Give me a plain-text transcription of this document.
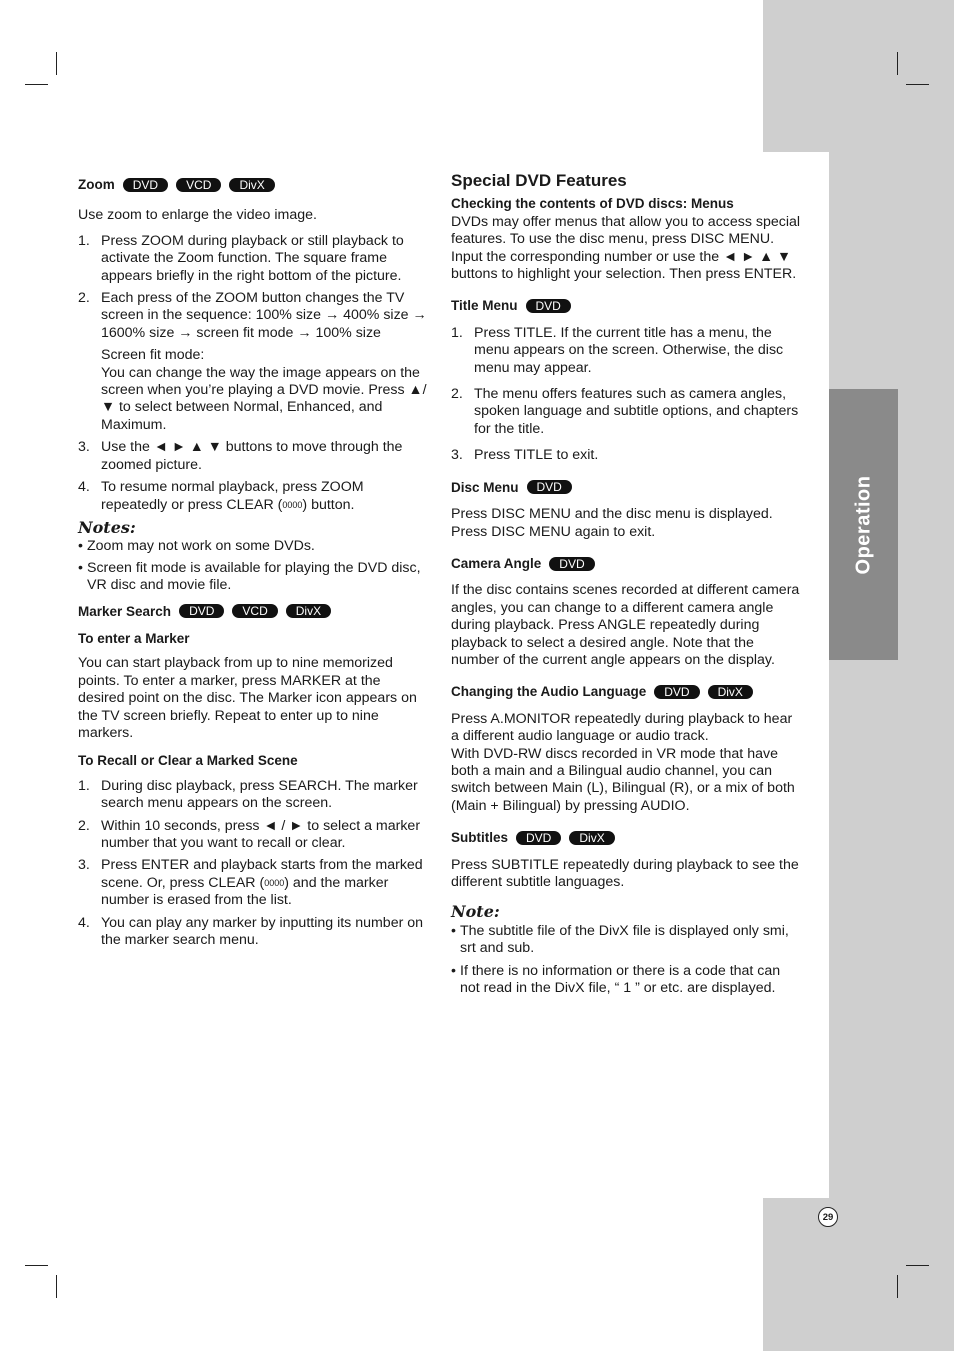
Operation
Zoom	DVD	VCD	DivX

Use zoom to enlarge the video image.

1. Press ZOOM during playback or still playback to activate the Zoom function. The square frame appears briefly in the right bottom of the picture.
2. Each press of the ZOOM button changes the TV screen in the sequence: 100% size → 400% size → 1600% size → screen fit mode → 100% size
Screen fit mode:
You can change the way the image appears on the screen when you’re playing a DVD movie. Press ▲/▼ to select between Normal, Enhanced, and Maximum.
3. Use the ◄ ► ▲ ▼ buttons to move through the zoomed picture.
4. To resume normal playback, press ZOOM repeatedly or press CLEAR (0000) button.
Notes:
• Zoom may not work on some DVDs.
• Screen fit mode is available for playing the DVD disc, VR disc and movie file.
Marker Search	DVD	VCD	DivX

To enter a Marker

You can start playback from up to nine memorized points. To enter a marker, press MARKER at the desired point on the disc. The Marker icon appears on the TV screen briefly. Repeat to enter up to nine markers.

To Recall or Clear a Marked Scene

1. During disc playback, press SEARCH. The marker search menu appears on the screen.
2. Within 10 seconds, press ◄ / ► to select a marker number that you want to recall or clear.
3. Press ENTER and playback starts from the marked scene. Or, press CLEAR (0000) and the marker number is erased from the list.
4. You can play any marker by inputting its number on the marker search menu.
Special DVD Features

Checking the contents of DVD discs: Menus

DVDs may offer menus that allow you to access special features. To use the disc menu, press DISC MENU. Input the corresponding number or use the ◄ ► ▲ ▼ buttons to highlight your selection. Then press ENTER.

Title Menu	DVD
1. Press TITLE. If the current title has a menu, the menu appears on the screen. Otherwise, the disc menu may appear.
2. The menu offers features such as camera angles, spoken language and subtitle options, and chapters for the title.
3. Press TITLE to exit.
Disc Menu	DVD

Press DISC MENU and the disc menu is displayed. Press DISC MENU again to exit.

Camera Angle	DVD

If the disc contains scenes recorded at different camera angles, you can change to a different camera angle during playback. Press ANGLE repeatedly during playback to select a desired angle. Note that the number of the current angle appears on the display.

Changing the Audio Language	DVD	DivX

Press A.MONITOR repeatedly during playback to hear a different audio language or audio track.

With DVD-RW discs recorded in VR mode that have both a main and a Bilingual audio channel, you can switch between Main (L), Bilingual (R), or a mix of both (Main + Bilingual) by pressing AUDIO.

Subtitles	DVD	DivX

Press SUBTITLE repeatedly during playback to see the different subtitle languages.

Note:
• The subtitle file of the DivX file is displayed only smi, srt and sub.
• If there is no information or there is a code that can not read in the DivX file, “ 1 ” or etc. are displayed.
29
